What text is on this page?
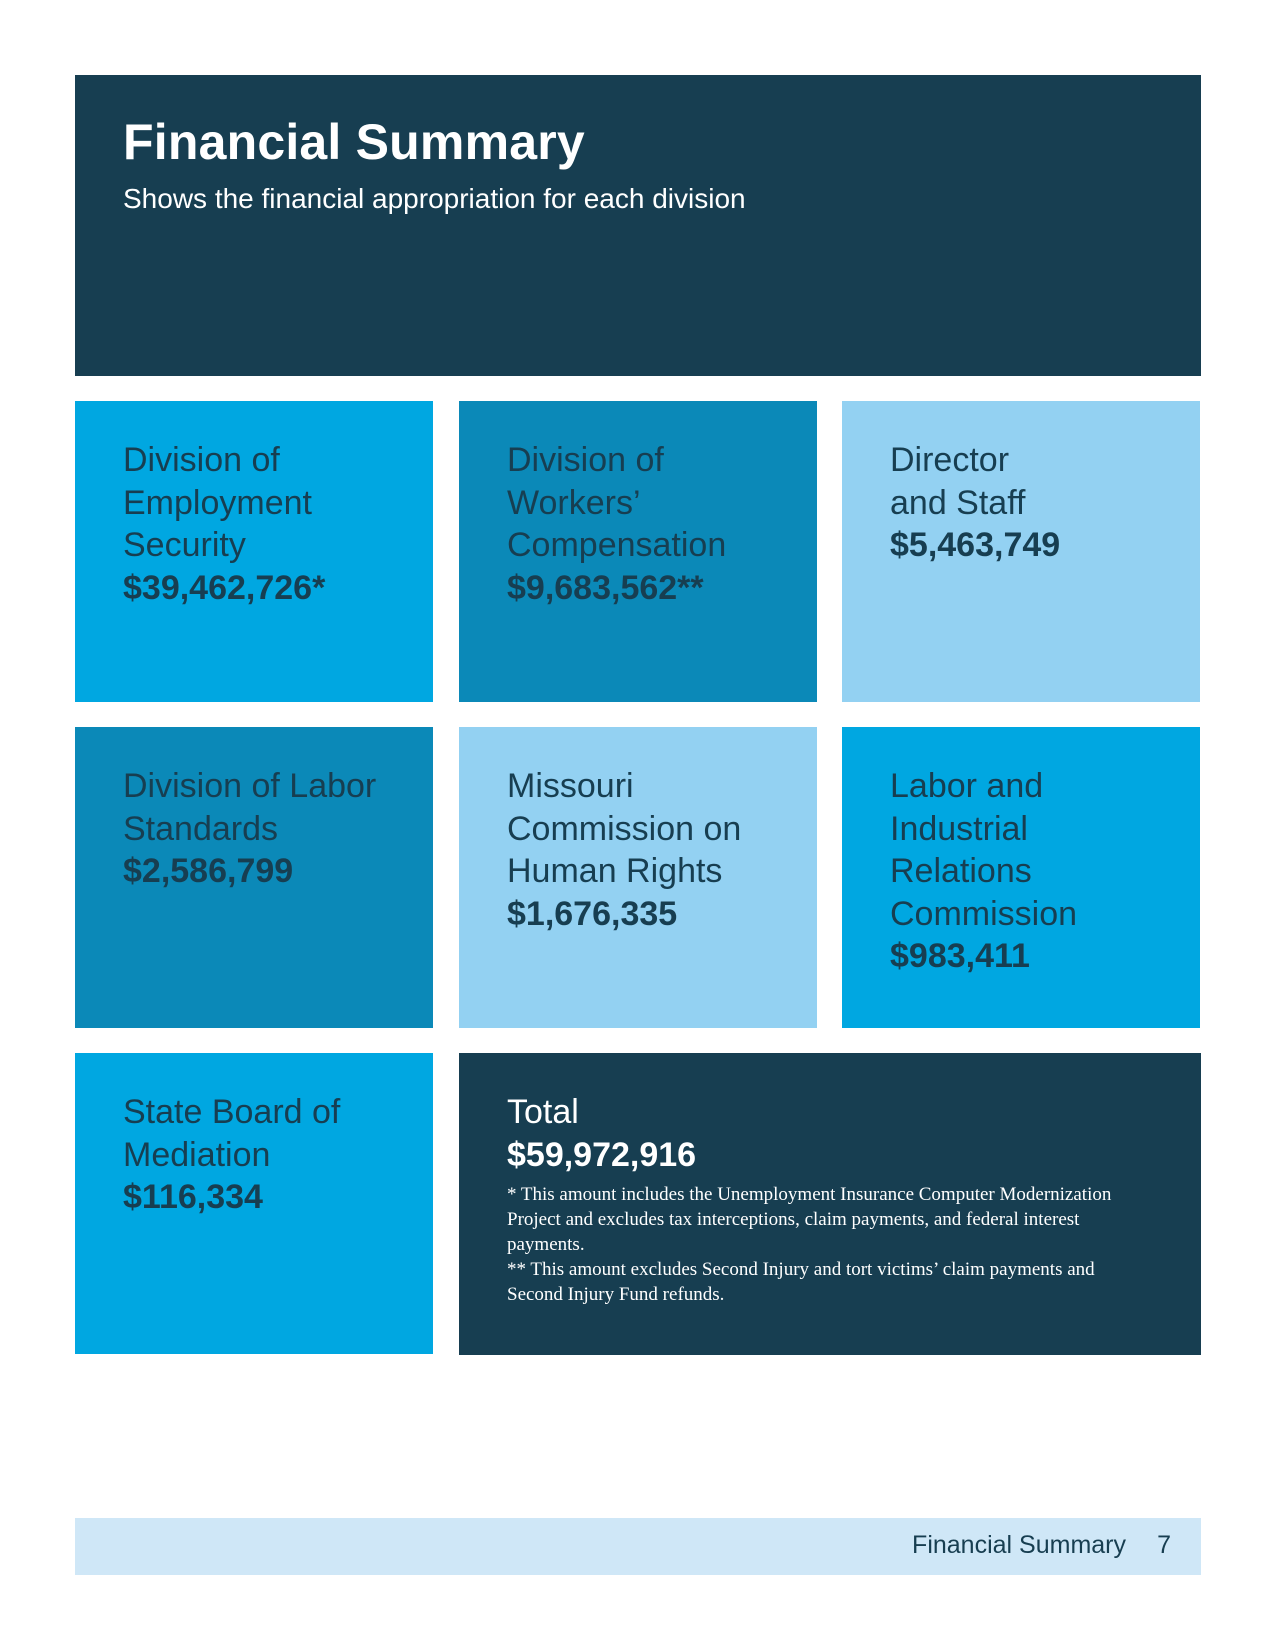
Financial Summary

Shows the financial appropriation for each division

Division of
Employment
Security
$39,462,726*
Division of
Workers’
Compensation
$9,683,562**
Director
and Staff
$5,463,749
Division of Labor
Standards
$2,586,799
Missouri
Commission on
Human Rights
$1,676,335
Labor and
Industrial
Relations
Commission
$983,411
State Board of
Mediation
$116,334
Total
$59,972,916
* This amount includes the Unemployment Insurance Computer Modernization Project and excludes tax interceptions, claim payments, and federal interest payments.
** This amount excludes Second Injury and tort victims’ claim payments and Second Injury Fund refunds.
Financial Summary 7
